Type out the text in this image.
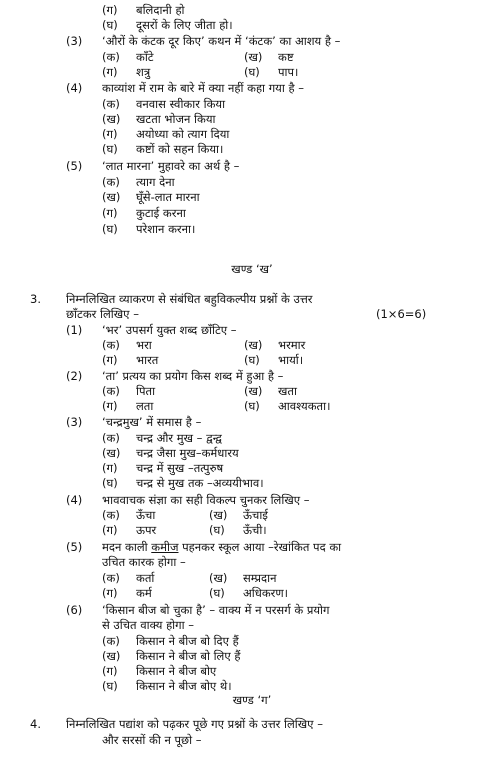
(ग) बलिदानी हो
(घ) दूसरों के लिए जीता हो।
(3) ‘औरों के कंटक दूर किए’ कथन में ‘कंटक’ का आशय है –
(क) काँटे	(ख) कष्ट
(ग) शत्रु	(घ) पाप।
(4) काव्यांश में राम के बारे में क्या नहीं कहा गया है –
(क) वनवास स्वीकार किया
(ख) खटता भोजन किया
(ग) अयोध्या को त्याग दिया
(घ) कष्टों को सहन किया।
(5) ‘लात मारना’ मुहावरे का अर्थ है –
(क) त्याग देना
(ख) घूँसे-लात मारना
(ग) कुटाई करना
(घ) परेशान करना।
खण्ड ‘ख’
3. निम्नलिखित व्याकरण से संबंधित बहुविकल्पीय प्रश्नों के उत्तर
छाँटकर लिखिए –	(1×6=6)
(1) ‘भर’ उपसर्ग युक्त शब्द छाँटिए –
(क) भरा	(ख) भरमार
(ग) भारत	(घ) भार्या।
(2) ‘ता’ प्रत्यय का प्रयोग किस शब्द में हुआ है –
(क) पिता	(ख) खता
(ग) लता	(घ) आवश्यकता।
(3) ‘चन्द्रमुख’ में समास है –
(क) चन्द्र और मुख – द्वन्द्व
(ख) चन्द्र जैसा मुख–कर्मधारय
(ग) चन्द्र में सुख –तत्पुरुष
(घ) चन्द्र से मुख तक –अव्ययीभाव।
(4) भाववाचक संज्ञा का सही विकल्प चुनकर लिखिए –
(क) ऊँचा	(ख) ऊँचाई
(ग) ऊपर	(घ) ऊँची।
(5) मदन काली कमीज पहनकर स्कूल आया –रेखांकित पद का
उचित कारक होगा –
(क) कर्ता	(ख) सम्प्रदान
(ग) कर्म	(घ) अधिकरण।
(6) ‘किसान बीज बो चुका है’ – वाक्य में न परसर्ग के प्रयोग
से उचित वाक्य होगा –
(क) किसान ने बीज बो दिए हैं
(ख) किसान ने बीज बो लिए हैं
(ग) किसान ने बीज बोए
(घ) किसान ने बीज बोए थे।
खण्ड ‘ग’
4. निम्नलिखित पद्यांश को पढ़कर पूछे गए प्रश्नों के उत्तर लिखिए –
और सरसों की न पूछो –
